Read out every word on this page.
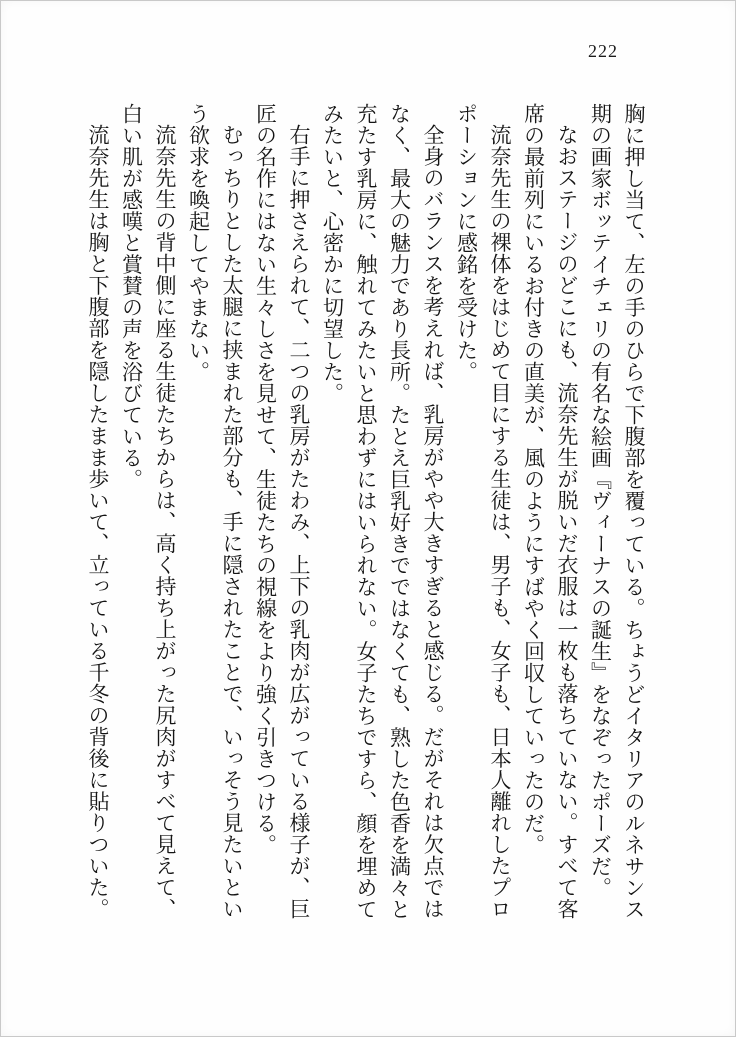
222

胸に押し当て、左の手のひらで下腹部を覆っている。ちょうどイタリアのルネサンス期の画家ボッテイチェリの有名な絵画『ヴィーナスの誕生』をなぞったポーズだ。

なおステージのどこにも、流奈先生が脱いだ衣服は一枚も落ちていない。すべて客席の最前列にいるお付きの直美が、風のようにすばやく回収していったのだ。

流奈先生の裸体をはじめて目にする生徒は、男子も、女子も、日本人離れしたプロポーションに感銘を受けた。

全身のバランスを考えれば、乳房がやや大きすぎると感じる。だがそれは欠点ではなく、最大の魅力であり長所。たとえ巨乳好きでではなくても、熟した色香を満々と充たす乳房に、触れてみたいと思わずにはいられない。女子たちですら、顔を埋めてみたいと、心密かに切望した。

右手に押さえられて、二つの乳房がたわみ、上下の乳肉が広がっている様子が、巨匠の名作にはない生々しさを見せて、生徒たちの視線をより強く引きつける。

むっちりとした太腿に挟まれた部分も、手に隠されたことで、いっそう見たいという欲求を喚起してやまない。

流奈先生の背中側に座る生徒たちからは、高く持ち上がった尻肉がすべて見えて、白い肌が感嘆と賞賛の声を浴びている。

流奈先生は胸と下腹部を隠したまま歩いて、立っている千冬の背後に貼りついた。
